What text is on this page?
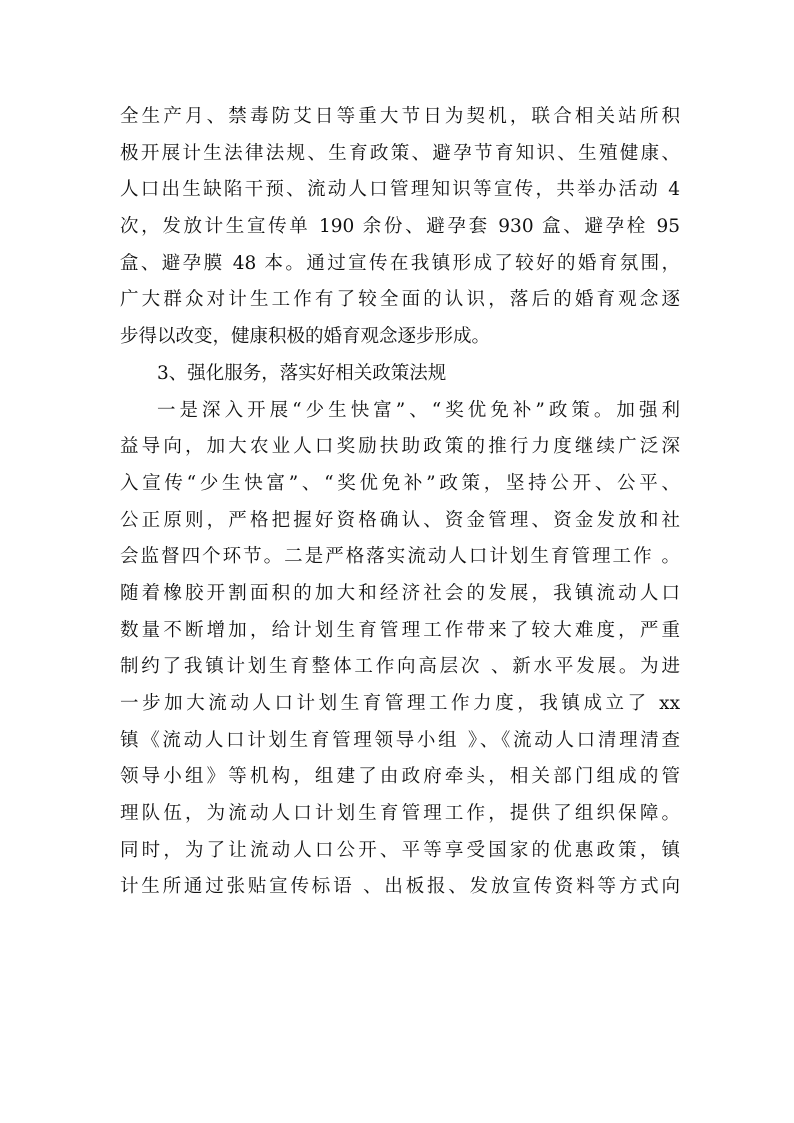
全生产月、禁毒防艾日等重大节日为契机，联合相关站所积
极开展计生法律法规、生育政策、避孕节育知识、生殖健康、
人口出生缺陷干预、流动人口管理知识等宣传，共举办活动 4
次，发放计生宣传单 190 余份、避孕套 930 盒、避孕栓 95
盒、避孕膜 48 本。通过宣传在我镇形成了较好的婚育氛围，
广大群众对计生工作有了较全面的认识，落后的婚育观念逐
步得以改变，健康积极的婚育观念逐步形成。
3、强化服务，落实好相关政策法规
一是深入开展“少生快富”、“奖优免补”政策。加强利
益导向，加大农业人口奖励扶助政策的推行力度继续广泛深
入宣传“少生快富”、“奖优免补”政策，坚持公开、公平、
公正原则，严格把握好资格确认、资金管理、资金发放和社
会监督四个环节。二是严格落实流动人口计划生育管理工作 。
随着橡胶开割面积的加大和经济社会的发展，我镇流动人口
数量不断增加，给计划生育管理工作带来了较大难度，严重
制约了我镇计划生育整体工作向高层次 、新水平发展。为进
一步加大流动人口计划生育管理工作力度，我镇成立了 xx
镇《流动人口计划生育管理领导小组 》、《流动人口清理清查
领导小组》等机构，组建了由政府牵头，相关部门组成的管
理队伍，为流动人口计划生育管理工作，提供了组织保障。
同时，为了让流动人口公开、平等享受国家的优惠政策，镇
计生所通过张贴宣传标语 、出板报、发放宣传资料等方式向
